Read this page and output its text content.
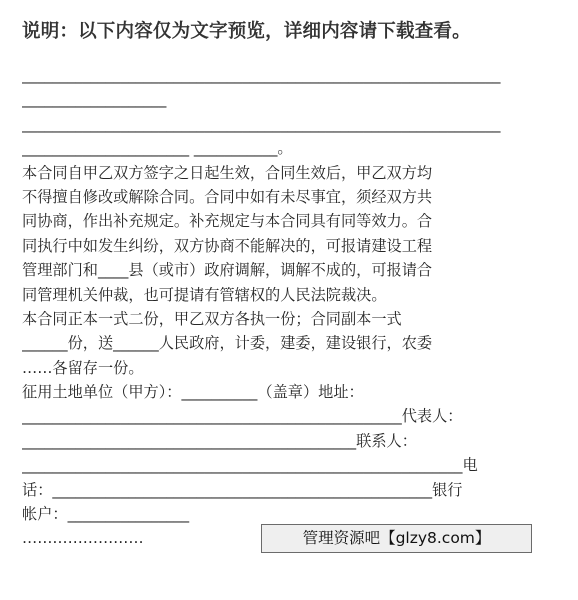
说明：以下内容仅为文字预览，详细内容请下载查看。
_______________________________________________________________
___________________
_______________________________________________________________
______________________ ___________。
本合同自甲乙双方签字之日起生效，合同生效后，甲乙双方均
不得擅自修改或解除合同。合同中如有未尽事宜，须经双方共
同协商，作出补充规定。补充规定与本合同具有同等效力。合
同执行中如发生纠纷，双方协商不能解决的，可报请建设工程
管理部门和____县（或市）政府调解，调解不成的，可报请合
同管理机关仲裁，也可提请有管辖权的人民法院裁决。
本合同正本一式二份，甲乙双方各执一份；合同副本一式
______份，送______人民政府，计委，建委，建设银行，农委
……各留存一份。
征用土地单位（甲方）：__________（盖章）地址：
__________________________________________________代表人：
____________________________________________联系人：
__________________________________________________________电
话：__________________________________________________银行
帐户：________________
……………………	管理资源吧【glzy8.com】
